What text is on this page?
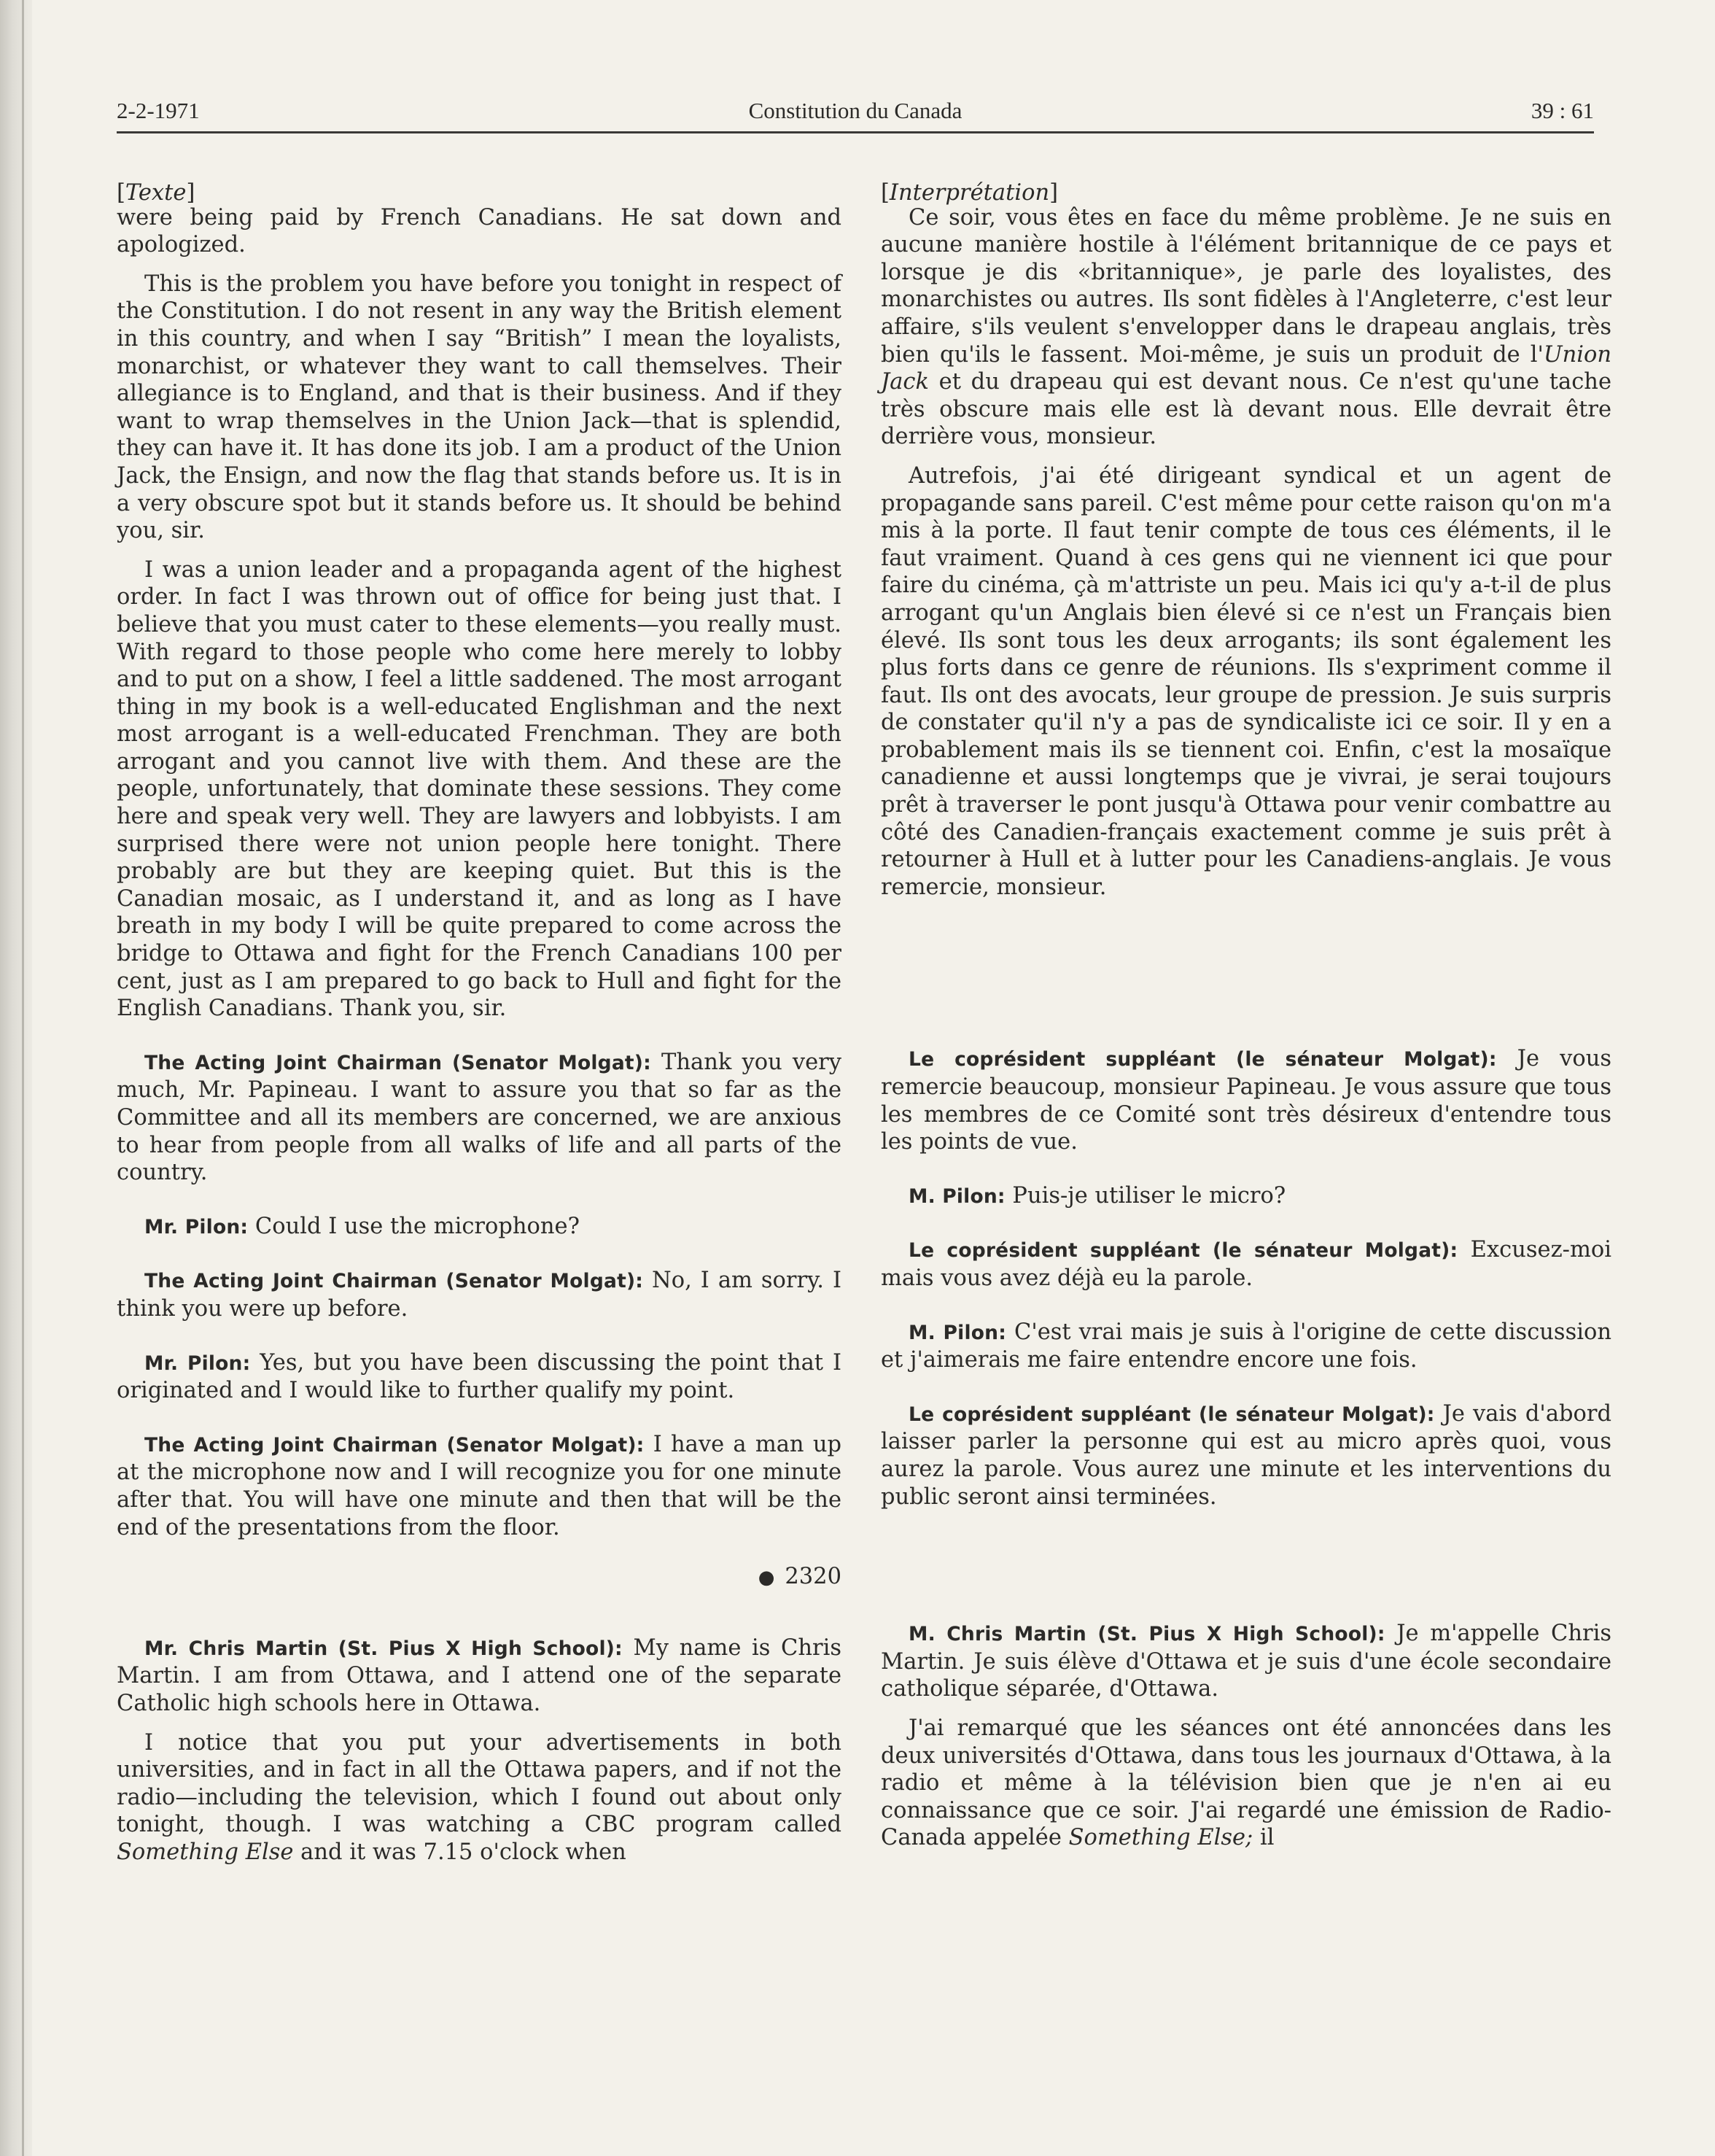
2-2-1971	Constitution du Canada	39 : 61

[Texte]

were being paid by French Canadians. He sat down and apologized.

This is the problem you have before you tonight in respect of the Constitution. I do not resent in any way the British element in this country, and when I say “British” I mean the loyalists, monarchist, or whatever they want to call themselves. Their allegiance is to England, and that is their business. And if they want to wrap themselves in the Union Jack—that is splendid, they can have it. It has done its job. I am a product of the Union Jack, the Ensign, and now the flag that stands before us. It is in a very obscure spot but it stands before us. It should be behind you, sir.

I was a union leader and a propaganda agent of the highest order. In fact I was thrown out of office for being just that. I believe that you must cater to these elements—you really must. With regard to those people who come here merely to lobby and to put on a show, I feel a little saddened. The most arrogant thing in my book is a well-educated Englishman and the next most arrogant is a well-educated Frenchman. They are both arrogant and you cannot live with them. And these are the people, unfortunately, that dominate these sessions. They come here and speak very well. They are lawyers and lobbyists. I am surprised there were not union people here tonight. There probably are but they are keeping quiet. But this is the Canadian mosaic, as I understand it, and as long as I have breath in my body I will be quite prepared to come across the bridge to Ottawa and fight for the French Canadians 100 per cent, just as I am prepared to go back to Hull and fight for the English Canadians. Thank you, sir.

The Acting Joint Chairman (Senator Molgat): Thank you very much, Mr. Papineau. I want to assure you that so far as the Committee and all its members are concerned, we are anxious to hear from people from all walks of life and all parts of the country.

Mr. Pilon: Could I use the microphone?

The Acting Joint Chairman (Senator Molgat): No, I am sorry. I think you were up before.

Mr. Pilon: Yes, but you have been discussing the point that I originated and I would like to further qualify my point.

The Acting Joint Chairman (Senator Molgat): I have a man up at the microphone now and I will recognize you for one minute after that. You will have one minute and then that will be the end of the presentations from the floor.

● 2320

Mr. Chris Martin (St. Pius X High School): My name is Chris Martin. I am from Ottawa, and I attend one of the separate Catholic high schools here in Ottawa.

I notice that you put your advertisements in both universities, and in fact in all the Ottawa papers, and if not the radio—including the television, which I found out about only tonight, though. I was watching a CBC program called Something Else and it was 7.15 o'clock when

[Interprétation]

Ce soir, vous êtes en face du même problème. Je ne suis en aucune manière hostile à l'élément britannique de ce pays et lorsque je dis «britannique», je parle des loyalistes, des monarchistes ou autres. Ils sont fidèles à l'Angleterre, c'est leur affaire, s'ils veulent s'envelopper dans le drapeau anglais, très bien qu'ils le fassent. Moi-même, je suis un produit de l'Union Jack et du drapeau qui est devant nous. Ce n'est qu'une tache très obscure mais elle est là devant nous. Elle devrait être derrière vous, monsieur.

Autrefois, j'ai été dirigeant syndical et un agent de propagande sans pareil. C'est même pour cette raison qu'on m'a mis à la porte. Il faut tenir compte de tous ces éléments, il le faut vraiment. Quand à ces gens qui ne viennent ici que pour faire du cinéma, çà m'attriste un peu. Mais ici qu'y a-t-il de plus arrogant qu'un Anglais bien élevé si ce n'est un Français bien élevé. Ils sont tous les deux arrogants; ils sont également les plus forts dans ce genre de réunions. Ils s'expriment comme il faut. Ils ont des avocats, leur groupe de pression. Je suis surpris de constater qu'il n'y a pas de syndicaliste ici ce soir. Il y en a probablement mais ils se tiennent coi. Enfin, c'est la mosaïque canadienne et aussi longtemps que je vivrai, je serai toujours prêt à traverser le pont jusqu'à Ottawa pour venir combattre au côté des Canadien-français exactement comme je suis prêt à retourner à Hull et à lutter pour les Canadiens-anglais. Je vous remercie, monsieur.

Le coprésident suppléant (le sénateur Molgat): Je vous remercie beaucoup, monsieur Papineau. Je vous assure que tous les membres de ce Comité sont très désireux d'entendre tous les points de vue.

M. Pilon: Puis-je utiliser le micro?

Le coprésident suppléant (le sénateur Molgat): Excusez-moi mais vous avez déjà eu la parole.

M. Pilon: C'est vrai mais je suis à l'origine de cette discussion et j'aimerais me faire entendre encore une fois.

Le coprésident suppléant (le sénateur Molgat): Je vais d'abord laisser parler la personne qui est au micro après quoi, vous aurez la parole. Vous aurez une minute et les interventions du public seront ainsi terminées.

M. Chris Martin (St. Pius X High School): Je m'appelle Chris Martin. Je suis élève d'Ottawa et je suis d'une école secondaire catholique séparée, d'Ottawa.

J'ai remarqué que les séances ont été annoncées dans les deux universités d'Ottawa, dans tous les journaux d'Ottawa, à la radio et même à la télévision bien que je n'en ai eu connaissance que ce soir. J'ai regardé une émission de Radio-Canada appelée Something Else; il
